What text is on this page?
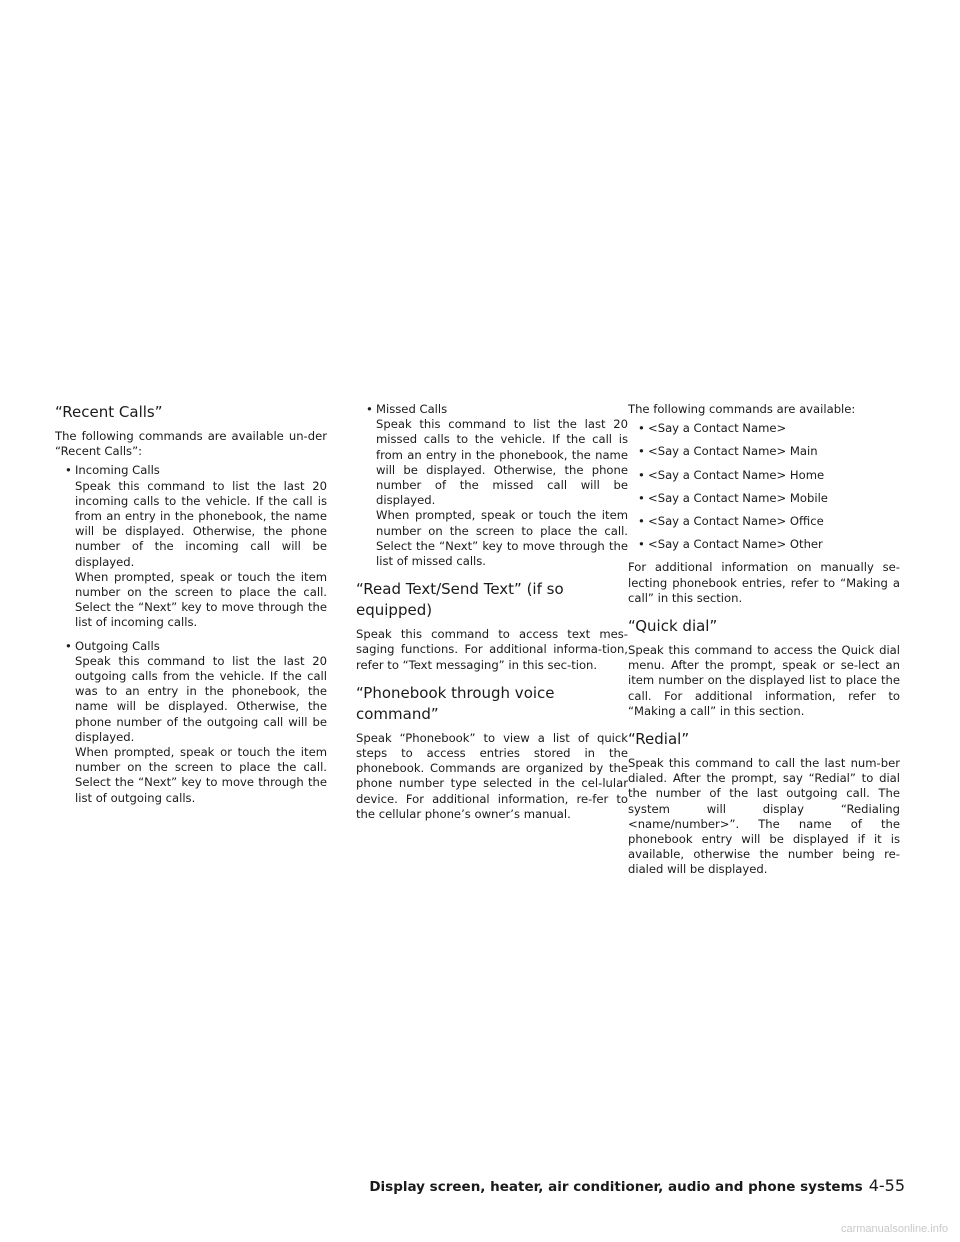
“Recent Calls”

The following commands are available un-der “Recent Calls”:

• Incoming Calls

Speak this command to list the last 20 incoming calls to the vehicle. If the call is from an entry in the phonebook, the name will be displayed. Otherwise, the phone number of the incoming call will be displayed.

When prompted, speak or touch the item number on the screen to place the call. Select the “Next” key to move through the list of incoming calls.

• Outgoing Calls

Speak this command to list the last 20 outgoing calls from the vehicle. If the call was to an entry in the phonebook, the name will be displayed. Otherwise, the phone number of the outgoing call will be displayed.

When prompted, speak or touch the item number on the screen to place the call. Select the “Next” key to move through the list of outgoing calls.

• Missed Calls

Speak this command to list the last 20 missed calls to the vehicle. If the call is from an entry in the phonebook, the name will be displayed. Otherwise, the phone number of the missed call will be displayed.

When prompted, speak or touch the item number on the screen to place the call. Select the “Next” key to move through the list of missed calls.

“Read Text/Send Text” (if so equipped)

Speak this command to access text mes-saging functions. For additional informa-tion, refer to “Text messaging” in this sec-tion.

“Phonebook through voice command”

Speak “Phonebook” to view a list of quick steps to access entries stored in the phonebook. Commands are organized by the phone number type selected in the cel-lular device. For additional information, re-fer to the cellular phone’s owner’s manual.

The following commands are available:

• <Say a Contact Name>
• <Say a Contact Name> Main
• <Say a Contact Name> Home
• <Say a Contact Name> Mobile
• <Say a Contact Name> Office
• <Say a Contact Name> Other

For additional information on manually se-lecting phonebook entries, refer to “Making a call” in this section.

“Quick dial”

Speak this command to access the Quick dial menu. After the prompt, speak or se-lect an item number on the displayed list to place the call. For additional information, refer to “Making a call” in this section.

“Redial”

Speak this command to call the last num-ber dialed. After the prompt, say “Redial” to dial the number of the last outgoing call. The system will display “Redialing <name/number>”. The name of the phonebook entry will be displayed if it is available, otherwise the number being re-dialed will be displayed.

Display screen, heater, air conditioner, audio and phone systems 4-55
carmanualsonline.info
